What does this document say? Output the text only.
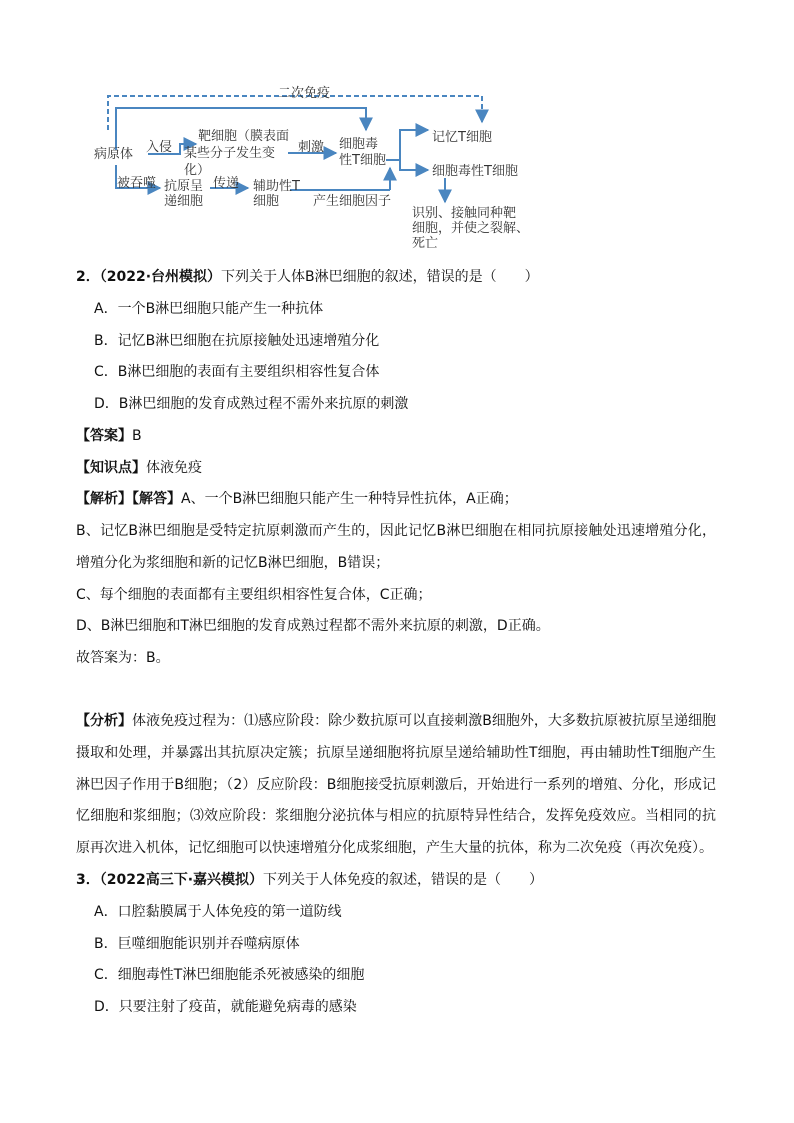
二次免疫
病原体 入侵
靶细胞（膜表面
某些分子发生变
化）
刺激 细胞毒
性T细胞
记忆T细胞
细胞毒性T细胞
被吞噬 抗原呈
递细胞
传递 辅助性T
细胞	产生细胞因子
识别、接触同种靶
细胞，并使之裂解、
死亡
2．（2022·台州模拟）下列关于人体B淋巴细胞的叙述，错误的是（　　）
A．一个B淋巴细胞只能产生一种抗体
B．记忆B淋巴细胞在抗原接触处迅速增殖分化
C．B淋巴细胞的表面有主要组织相容性复合体
D．B淋巴细胞的发育成熟过程不需外来抗原的刺激
【答案】B
【知识点】体液免疫
【解析】【解答】A、一个B淋巴细胞只能产生一种特异性抗体，A正确；
B、记忆B淋巴细胞是受特定抗原刺激而产生的，因此记忆B淋巴细胞在相同抗原接触处迅速增殖分化，增殖分化为浆细胞和新的记忆B淋巴细胞，B错误；
C、每个细胞的表面都有主要组织相容性复合体，C正确；
D、B淋巴细胞和T淋巴细胞的发育成熟过程都不需外来抗原的刺激，D正确。
故答案为：B。
【分析】体液免疫过程为：⑴感应阶段：除少数抗原可以直接刺激B细胞外，大多数抗原被抗原呈递细胞摄取和处理，并暴露出其抗原决定簇；抗原呈递细胞将抗原呈递给辅助性T细胞，再由辅助性T细胞产生淋巴因子作用于B细胞；（2）反应阶段：B细胞接受抗原刺激后，开始进行一系列的增殖、分化，形成记忆细胞和浆细胞；⑶效应阶段：浆细胞分泌抗体与相应的抗原特异性结合，发挥免疫效应。当相同的抗原再次进入机体，记忆细胞可以快速增殖分化成浆细胞，产生大量的抗体，称为二次免疫（再次免疫）。
3．（2022高三下·嘉兴模拟）下列关于人体免疫的叙述，错误的是（　　）
A．口腔黏膜属于人体免疫的第一道防线
B．巨噬细胞能识别并吞噬病原体
C．细胞毒性T淋巴细胞能杀死被感染的细胞
D．只要注射了疫苗，就能避免病毒的感染
